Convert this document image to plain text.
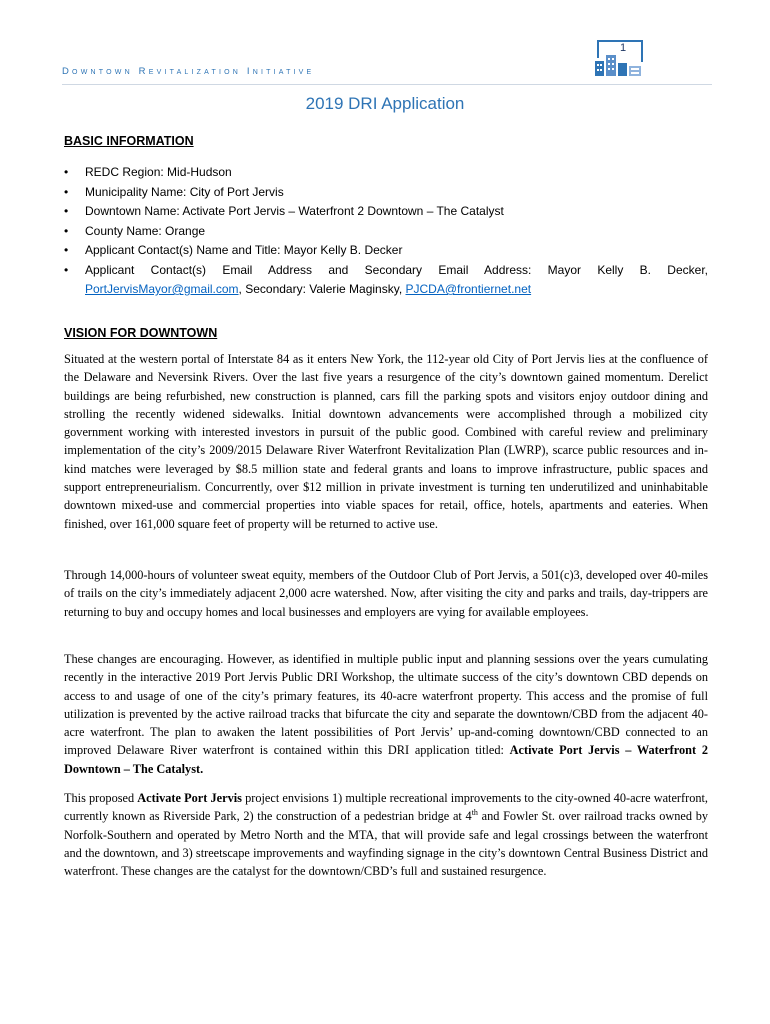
Downtown Revitalization Initiative
1
2019 DRI Application
BASIC INFORMATION
• REDC Region: Mid-Hudson
• Municipality Name: City of Port Jervis
• Downtown Name: Activate Port Jervis – Waterfront 2 Downtown – The Catalyst
• County Name: Orange
• Applicant Contact(s) Name and Title: Mayor Kelly B. Decker
• Applicant Contact(s) Email Address and Secondary Email Address: Mayor Kelly B. Decker,
PortJervisMayor@gmail.com, Secondary: Valerie Maginsky, PJCDA@frontiernet.net
VISION FOR DOWNTOWN

Situated at the western portal of Interstate 84 as it enters New York, the 112-year old City of Port Jervis lies at the confluence of the Delaware and Neversink Rivers. Over the last five years a resurgence of the city’s downtown gained momentum. Derelict buildings are being refurbished, new construction is planned, cars fill the parking spots and visitors enjoy outdoor dining and strolling the recently widened sidewalks. Initial downtown advancements were accomplished through a mobilized city government working with interested investors in pursuit of the public good. Combined with careful review and preliminary implementation of the city’s 2009/2015 Delaware River Waterfront Revitalization Plan (LWRP), scarce public resources and in-kind matches were leveraged by $8.5 million state and federal grants and loans to improve infrastructure, public spaces and support entrepreneurialism. Concurrently, over $12 million in private investment is turning ten underutilized and uninhabitable downtown mixed-use and commercial properties into viable spaces for retail, office, hotels, apartments and eateries. When finished, over 161,000 square feet of property will be returned to active use.

Through 14,000-hours of volunteer sweat equity, members of the Outdoor Club of Port Jervis, a 501(c)3, developed over 40-miles of trails on the city’s immediately adjacent 2,000 acre watershed. Now, after visiting the city and parks and trails, day-trippers are returning to buy and occupy homes and local businesses and employers are vying for available employees.

These changes are encouraging. However, as identified in multiple public input and planning sessions over the years cumulating recently in the interactive 2019 Port Jervis Public DRI Workshop, the ultimate success of the city’s downtown CBD depends on access to and usage of one of the city’s primary features, its 40-acre waterfront property. This access and the promise of full utilization is prevented by the active railroad tracks that bifurcate the city and separate the downtown/CBD from the adjacent 40-acre waterfront. The plan to awaken the latent possibilities of Port Jervis’ up-and-coming downtown/CBD connected to an improved Delaware River waterfront is contained within this DRI application titled: Activate Port Jervis – Waterfront 2 Downtown – The Catalyst.

This proposed Activate Port Jervis project envisions 1) multiple recreational improvements to the city-owned 40-acre waterfront, currently known as Riverside Park, 2) the construction of a pedestrian bridge at 4th and Fowler St. over railroad tracks owned by Norfolk-Southern and operated by Metro North and the MTA, that will provide safe and legal crossings between the waterfront and the downtown, and 3) streetscape improvements and wayfinding signage in the city’s downtown Central Business District and waterfront. These changes are the catalyst for the downtown/CBD’s full and sustained resurgence.
